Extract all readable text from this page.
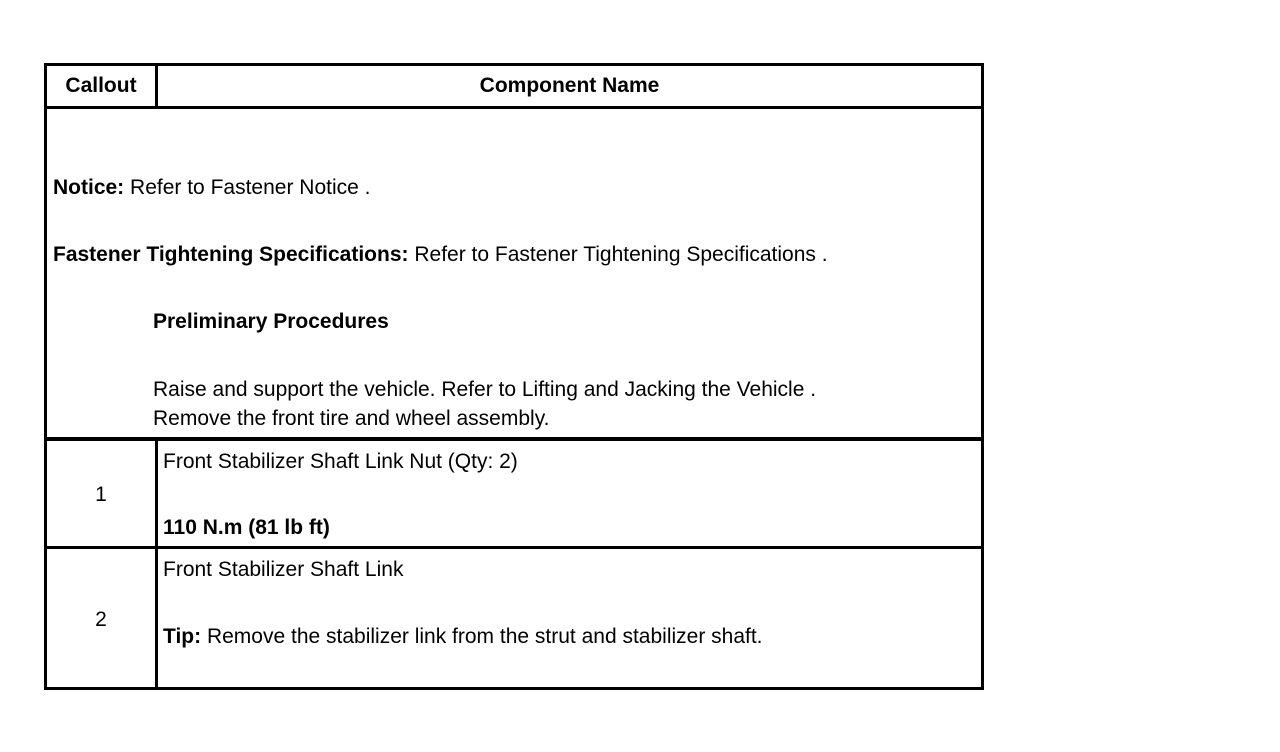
Callout	Component Name
Notice: Refer to Fastener Notice .
Fastener Tightening Specifications: Refer to Fastener Tightening Specifications .
Preliminary Procedures
Raise and support the vehicle. Refer to Lifting and Jacking the Vehicle .
Remove the front tire and wheel assembly.
1
Front Stabilizer Shaft Link Nut (Qty: 2)
110 N.m (81 lb ft)
2
Front Stabilizer Shaft Link
Tip: Remove the stabilizer link from the strut and stabilizer shaft.
